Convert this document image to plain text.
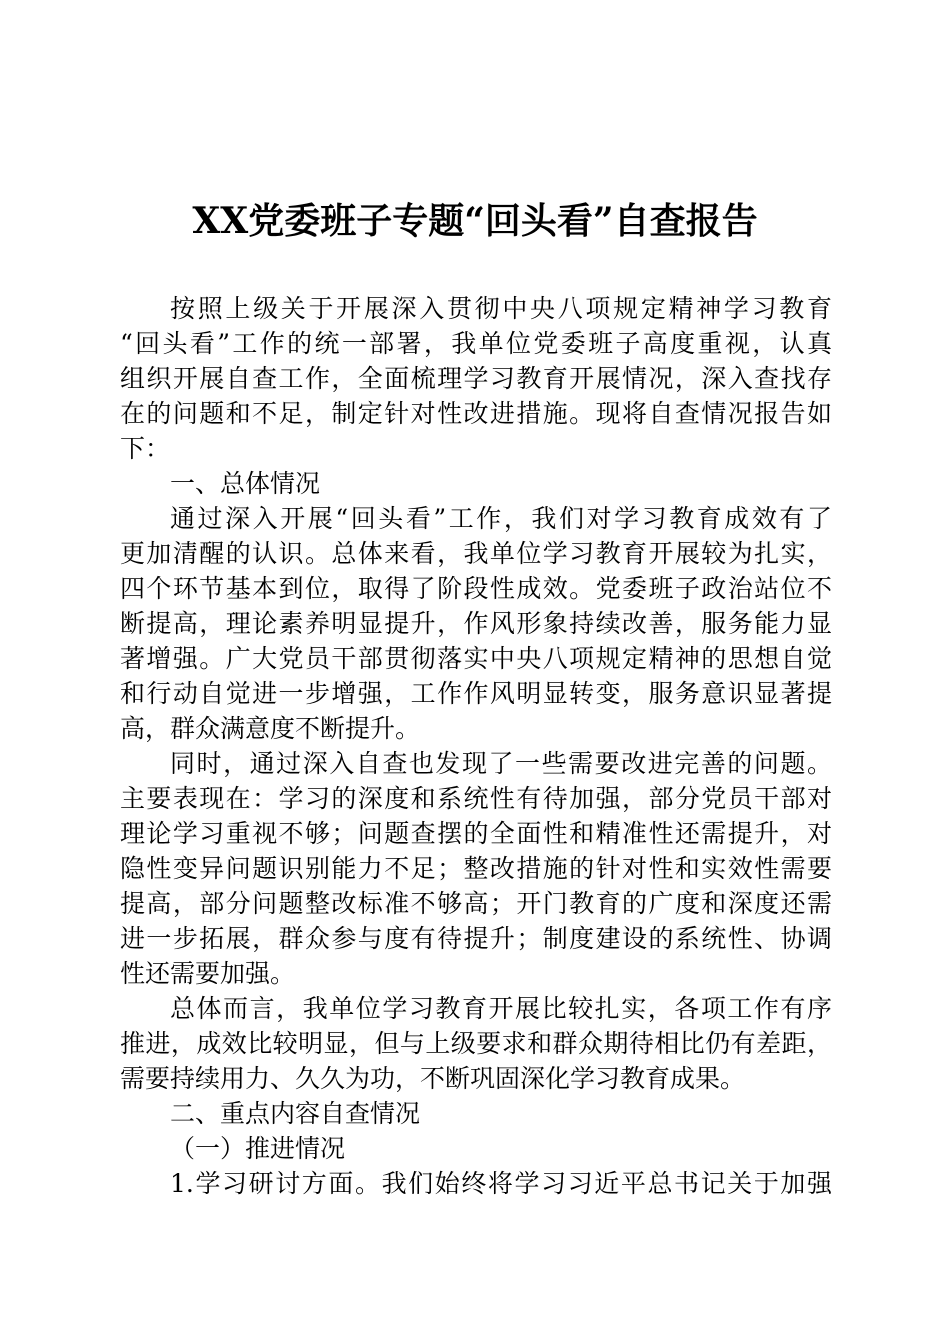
XX党委班子专题“回头看”自查报告
按照上级关于开展深入贯彻中央八项规定精神学习教育
“回头看”工作的统一部署，我单位党委班子高度重视，认真
组织开展自查工作，全面梳理学习教育开展情况，深入查找存
在的问题和不足，制定针对性改进措施。现将自查情况报告如
下：
一、总体情况
通过深入开展“回头看”工作，我们对学习教育成效有了
更加清醒的认识。总体来看，我单位学习教育开展较为扎实，
四个环节基本到位，取得了阶段性成效。党委班子政治站位不
断提高，理论素养明显提升，作风形象持续改善，服务能力显
著增强。广大党员干部贯彻落实中央八项规定精神的思想自觉
和行动自觉进一步增强，工作作风明显转变，服务意识显著提
高，群众满意度不断提升。
同时，通过深入自查也发现了一些需要改进完善的问题。
主要表现在：学习的深度和系统性有待加强，部分党员干部对
理论学习重视不够；问题查摆的全面性和精准性还需提升，对
隐性变异问题识别能力不足；整改措施的针对性和实效性需要
提高，部分问题整改标准不够高；开门教育的广度和深度还需
进一步拓展，群众参与度有待提升；制度建设的系统性、协调
性还需要加强。
总体而言，我单位学习教育开展比较扎实，各项工作有序
推进，成效比较明显，但与上级要求和群众期待相比仍有差距，
需要持续用力、久久为功，不断巩固深化学习教育成果。
二、重点内容自查情况
（一）推进情况
1.学习研讨方面。我们始终将学习习近平总书记关于加强
